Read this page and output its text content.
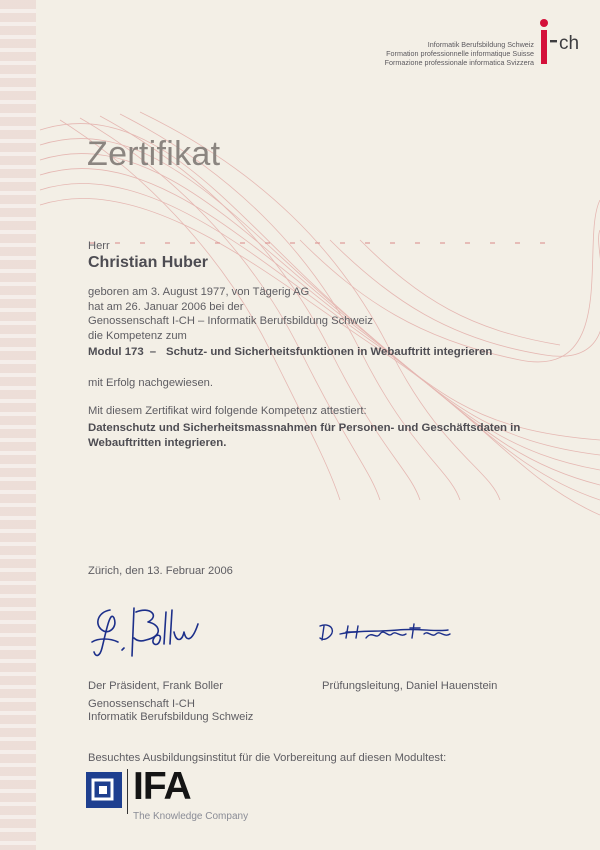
Informatik Berufsbildung Schweiz
Formation professionnelle informatique Suisse
Formazione professionale informatica Svizzera
ch
Zertifikat
Herr
Christian Huber
geboren am 3. August 1977, von Tägerig AG
hat am 26. Januar 2006 bei der
Genossenschaft I-CH – Informatik Berufsbildung Schweiz
die Kompetenz zum
Modul 173 – Schutz- und Sicherheitsfunktionen in Webauftritt integrieren
mit Erfolg nachgewiesen.
Mit diesem Zertifikat wird folgende Kompetenz attestiert:
Datenschutz und Sicherheitsmassnahmen für Personen- und Geschäftsdaten in
Webauftritten integrieren.
Zürich, den 13. Februar 2006
Der Präsident, Frank Boller	Prüfungsleitung, Daniel Hauenstein
Genossenschaft I-CH
Informatik Berufsbildung Schweiz
Besuchtes Ausbildungsinstitut für die Vorbereitung auf diesen Modultest:
IFA
The Knowledge Company
